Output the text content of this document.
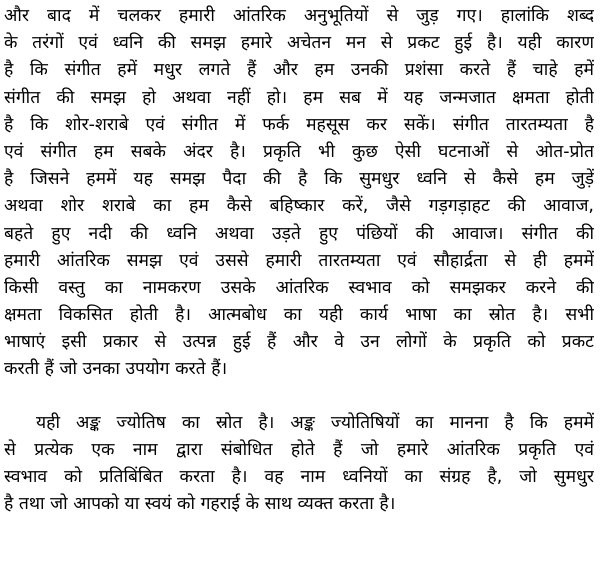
और बाद में चलकर हमारी आंतरिक अनुभूतियों से जुड़ गए। हालांकि शब्द
के तरंगों एवं ध्वनि की समझ हमारे अचेतन मन से प्रकट हुई है। यही कारण
है कि संगीत हमें मधुर लगते हैं और हम उनकी प्रशंसा करते हैं चाहे हमें
संगीत की समझ हो अथवा नहीं हो। हम सब में यह जन्मजात क्षमता होती
है कि शोर-शराबे एवं संगीत में फर्क महसूस कर सकें। संगीत तारतम्यता है
एवं संगीत हम सबके अंदर है। प्रकृति भी कुछ ऐसी घटनाओं से ओत-प्रोत
है जिसने हममें यह समझ पैदा की है कि सुमधुर ध्वनि से कैसे हम जुड़ें
अथवा शोर शराबे का हम कैसे बहिष्कार करें, जैसे गड़गड़ाहट की आवाज,
बहते हुए नदी की ध्वनि अथवा उड़ते हुए पंछियों की आवाज। संगीत की
हमारी आंतरिक समझ एवं उससे हमारी तारतम्यता एवं सौहार्द्रता से ही हममें
किसी वस्तु का नामकरण उसके आंतरिक स्वभाव को समझकर करने की
क्षमता विकसित होती है। आत्मबोध का यही कार्य भाषा का स्रोत है। सभी
भाषाएं इसी प्रकार से उत्पन्न हुई हैं और वे उन लोगों के प्रकृति को प्रकट
करती हैं जो उनका उपयोग करते हैं।
यही अङ्क ज्योतिष का स्रोत है। अङ्क ज्योतिषियों का मानना है कि हममें
से प्रत्येक एक नाम द्वारा संबोधित होते हैं जो हमारे आंतरिक प्रकृति एवं
स्वभाव को प्रतिबिंबित करता है। वह नाम ध्वनियों का संग्रह है, जो सुमधुर
है तथा जो आपको या स्वयं को गहराई के साथ व्यक्त करता है।
